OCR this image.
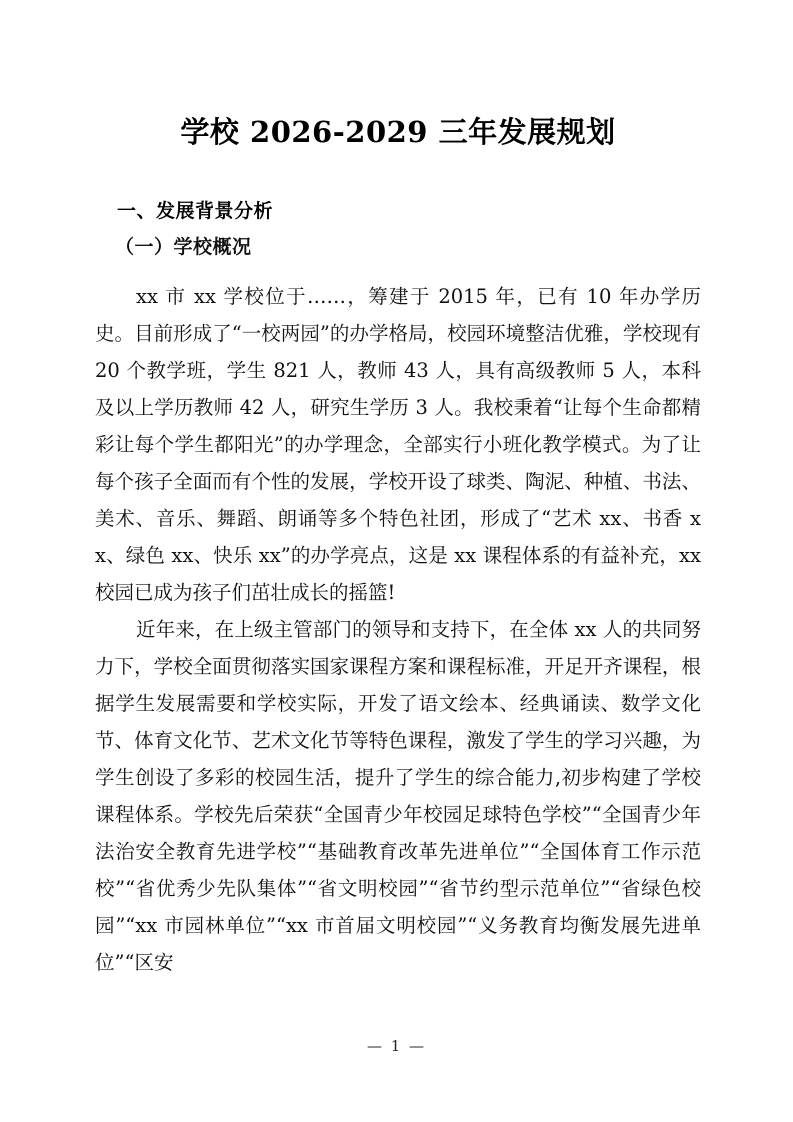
学校 2026-2029 三年发展规划
一、发展背景分析
（一）学校概况

xx 市 xx 学校位于……，筹建于 2015 年，已有 10 年办学历史。目前形成了“一校两园”的办学格局，校园环境整洁优雅，学校现有 20 个教学班，学生 821 人，教师 43 人，具有高级教师 5 人，本科及以上学历教师 42 人，研究生学历 3 人。我校秉着“让每个生命都精彩让每个学生都阳光”的办学理念，全部实行小班化教学模式。为了让每个孩子全面而有个性的发展，学校开设了球类、陶泥、种植、书法、美术、音乐、舞蹈、朗诵等多个特色社团，形成了“艺术 xx、书香 xx、绿色 xx、快乐 xx”的办学亮点，这是 xx 课程体系的有益补充，xx 校园已成为孩子们茁壮成长的摇篮!

近年来，在上级主管部门的领导和支持下，在全体 xx 人的共同努力下，学校全面贯彻落实国家课程方案和课程标准，开足开齐课程，根据学生发展需要和学校实际，开发了语文绘本、经典诵读、数学文化节、体育文化节、艺术文化节等特色课程，激发了学生的学习兴趣，为学生创设了多彩的校园生活，提升了学生的综合能力,初步构建了学校课程体系。学校先后荣获“全国青少年校园足球特色学校”“全国青少年法治安全教育先进学校”“基础教育改革先进单位”“全国体育工作示范校”“省优秀少先队集体”“省文明校园”“省节约型示范单位”“省绿色校园”“xx 市园林单位”“xx 市首届文明校园”“义务教育均衡发展先进单位”“区安

— 1 —
